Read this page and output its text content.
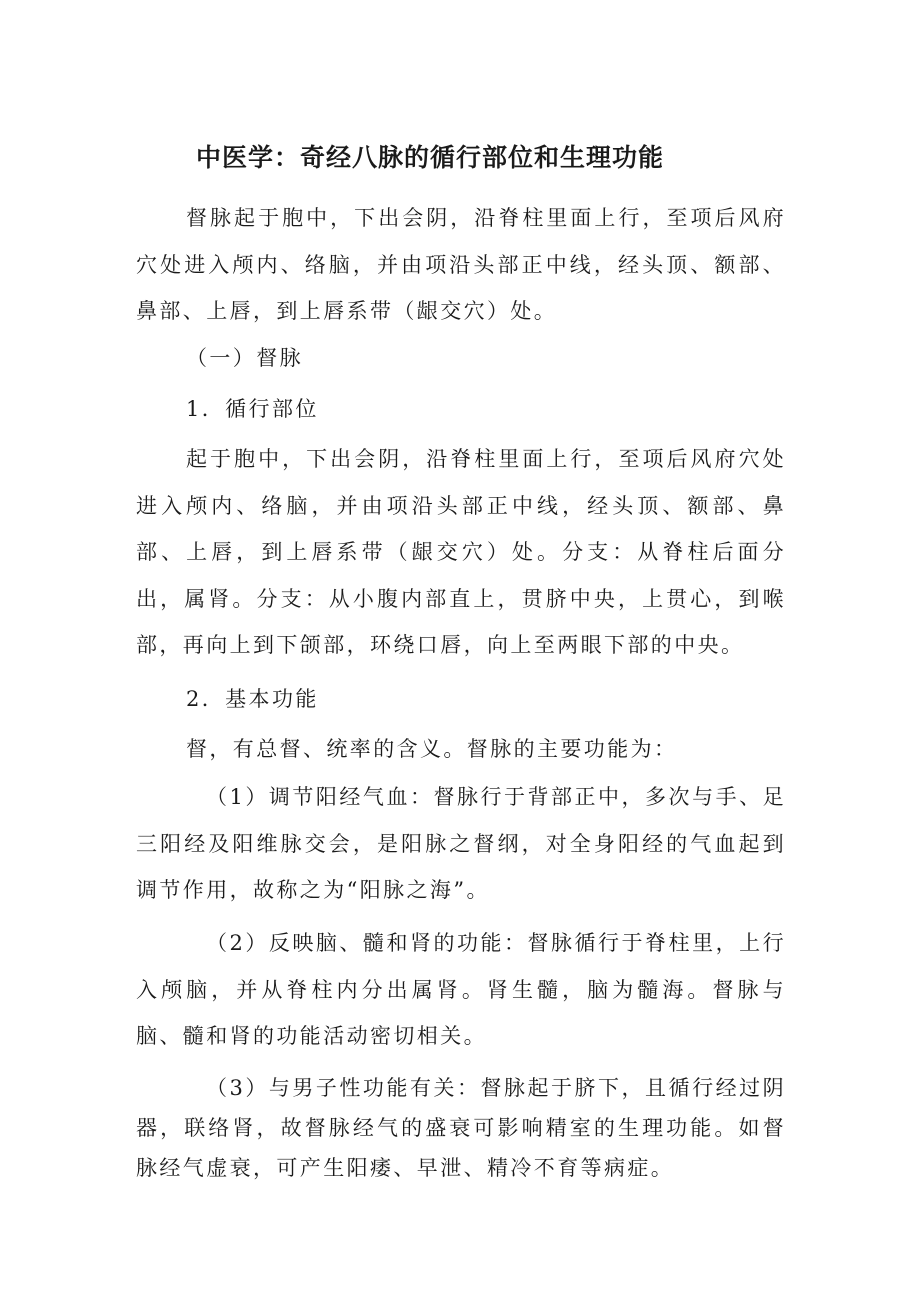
中医学：奇经八脉的循行部位和生理功能

督脉起于胞中，下出会阴，沿脊柱里面上行，至项后风府穴处进入颅内、络脑，并由项沿头部正中线，经头顶、额部、鼻部、上唇，到上唇系带（龈交穴）处。

（一）督脉

1．循行部位

起于胞中，下出会阴，沿脊柱里面上行，至项后风府穴处进入颅内、络脑，并由项沿头部正中线，经头顶、额部、鼻部、上唇，到上唇系带（龈交穴）处。分支：从脊柱后面分出，属肾。分支：从小腹内部直上，贯脐中央，上贯心，到喉部，再向上到下颌部，环绕口唇，向上至两眼下部的中央。

2．基本功能

督，有总督、统率的含义。督脉的主要功能为：

（1）调节阳经气血：督脉行于背部正中，多次与手、足三阳经及阳维脉交会，是阳脉之督纲，对全身阳经的气血起到调节作用，故称之为“阳脉之海”。

（2）反映脑、髓和肾的功能：督脉循行于脊柱里，上行入颅脑，并从脊柱内分出属肾。肾生髓，脑为髓海。督脉与脑、髓和肾的功能活动密切相关。

（3）与男子性功能有关：督脉起于脐下，且循行经过阴器，联络肾，故督脉经气的盛衰可影响精室的生理功能。如督脉经气虚衰，可产生阳痿、早泄、精冷不育等病症。
